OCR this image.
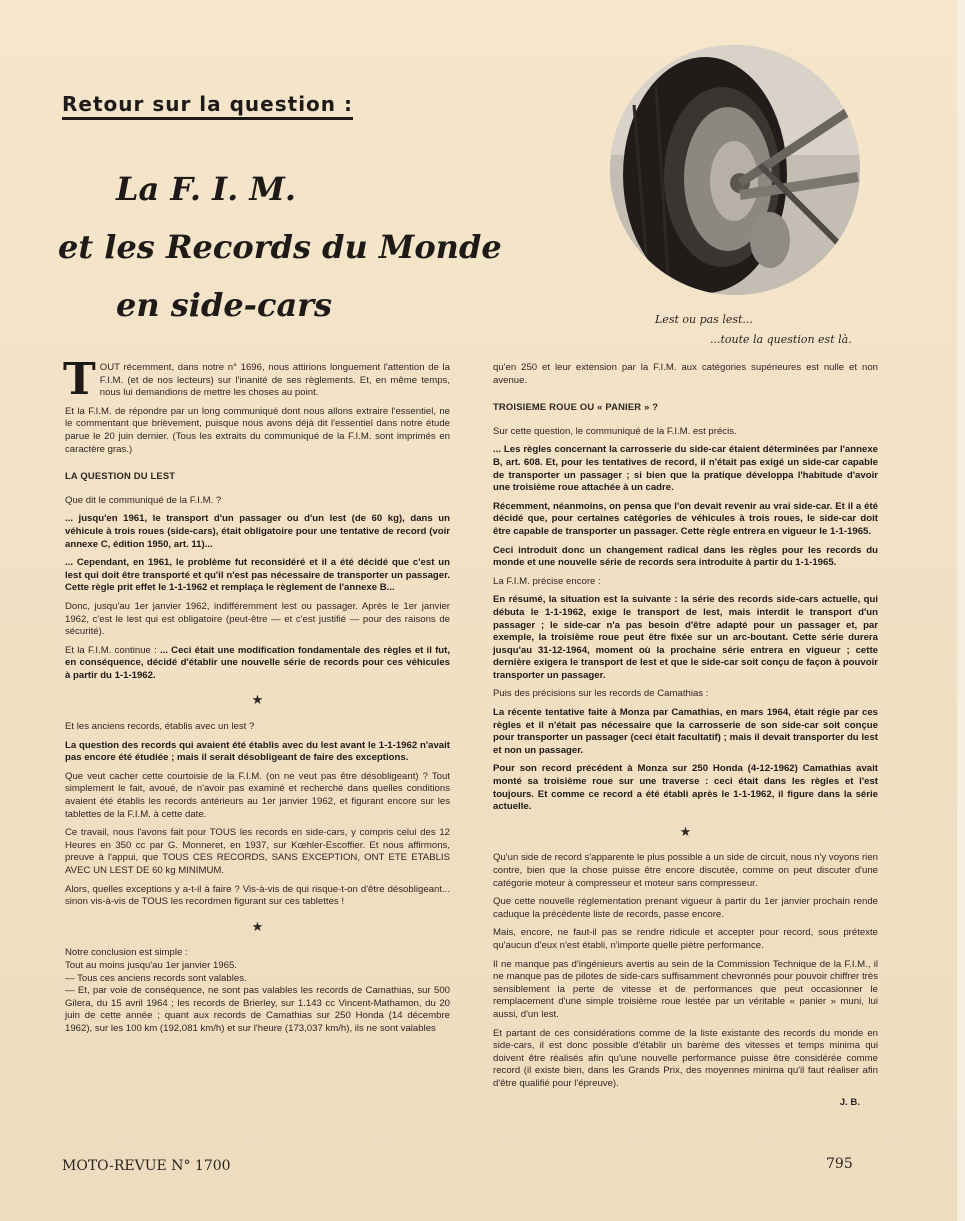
Retour sur la question :
La F. I. M.
et les Records du Monde
en side-cars	Lest ou pas lest...
...toute la question est là.

TOUT récemment, dans notre n° 1696, nous attirions longuement l'attention de la F.I.M. (et de nos lecteurs) sur l'inanité de ses règlements. Et, en même temps, nous lui demandions de mettre les choses au point.

Et la F.I.M. de répondre par un long communiqué dont nous allons extraire l'essentiel, ne le commentant que brièvement, puisque nous avons déjà dit l'essentiel dans notre étude parue le 20 juin dernier. (Tous les extraits du communiqué de la F.I.M. sont imprimés en caractère gras.)

LA QUESTION DU LEST

Que dit le communiqué de la F.I.M. ?

... jusqu'en 1961, le transport d'un passager ou d'un lest (de 60 kg), dans un véhicule à trois roues (side-cars), était obligatoire pour une tentative de record (voir annexe C, édition 1950, art. 11)...

... Cependant, en 1961, le problème fut reconsidéré et il a été décidé que c'est un lest qui doit être transporté et qu'il n'est pas nécessaire de transporter un passager. Cette règle prit effet le 1-1-1962 et remplaça le règlement de l'annexe B...

Donc, jusqu'au 1er janvier 1962, indifféremment lest ou passager. Après le 1er janvier 1962, c'est le lest qui est obligatoire (peut-être — et c'est justifié — pour des raisons de sécurité).

Et la F.I.M. continue : ... Ceci était une modification fondamentale des règles et il fut, en conséquence, décidé d'établir une nouvelle série de records pour ces véhicules à partir du 1-1-1962.

★

Et les anciens records, établis avec un lest ?

La question des records qui avaient été établis avec du lest avant le 1-1-1962 n'avait pas encore été étudiée ; mais il serait désobligeant de faire des exceptions.

Que veut cacher cette courtoisie de la F.I.M. (on ne veut pas être désobligeant) ? Tout simplement le fait, avoué, de n'avoir pas examiné et recherché dans quelles conditions avaient été établis les records antérieurs au 1er janvier 1962, et figurant encore sur les tablettes de la F.I.M. à cette date.

Ce travail, nous l'avons fait pour TOUS les records en side-cars, y compris celui des 12 Heures en 350 cc par G. Monneret, en 1937, sur Kœhler-Escoffier. Et nous affirmons, preuve à l'appui, que TOUS CES RECORDS, SANS EXCEPTION, ONT ETE ETABLIS AVEC UN LEST DE 60 kg MINIMUM.

Alors, quelles exceptions y a-t-il à faire ? Vis-à-vis de qui risque-t-on d'être désobligeant... sinon vis-à-vis de TOUS les recordmen figurant sur ces tablettes !

★

Notre conclusion est simple :

Tout au moins jusqu'au 1er janvier 1965.

— Tous ces anciens records sont valables.

— Et, par voie de conséquence, ne sont pas valables les records de Camathias, sur 500 Gilera, du 15 avril 1964 ; les records de Brierley, sur 1.143 cc Vincent-Mathamon, du 20 juin de cette année ; quant aux records de Camathias sur 250 Honda (14 décembre 1962), sur les 100 km (192,081 km/h) et sur l'heure (173,037 km/h), ils ne sont valables

qu'en 250 et leur extension par la F.I.M. aux catégories supérieures est nulle et non avenue.

TROISIEME ROUE OU « PANIER » ?

Sur cette question, le communiqué de la F.I.M. est précis.

... Les règles concernant la carrosserie du side-car étaient déterminées par l'annexe B, art. 608. Et, pour les tentatives de record, il n'était pas exigé un side-car capable de transporter un passager ; si bien que la pratique développa l'habitude d'avoir une troisième roue attachée à un cadre.

Récemment, néanmoins, on pensa que l'on devait revenir au vrai side-car. Et il a été décidé que, pour certaines catégories de véhicules à trois roues, le side-car doit être capable de transporter un passager. Cette règle entrera en vigueur le 1-1-1965.

Ceci introduit donc un changement radical dans les règles pour les records du monde et une nouvelle série de records sera introduite à partir du 1-1-1965.

La F.I.M. précise encore :

En résumé, la situation est la suivante : la série des records side-cars actuelle, qui débuta le 1-1-1962, exige le transport de lest, mais interdit le transport d'un passager ; le side-car n'a pas besoin d'être adapté pour un passager et, par exemple, la troisième roue peut être fixée sur un arc-boutant. Cette série durera jusqu'au 31-12-1964, moment où la prochaine série entrera en vigueur ; cette dernière exigera le transport de lest et que le side-car soit conçu de façon à pouvoir transporter un passager.

Puis des précisions sur les records de Camathias :

La récente tentative faite à Monza par Camathias, en mars 1964, était régie par ces règles et il n'était pas nécessaire que la carrosserie de son side-car soit conçue pour transporter un passager (ceci était facultatif) ; mais il devait transporter du lest et non un passager.

Pour son record précédent à Monza sur 250 Honda (4-12-1962) Camathias avait monté sa troisième roue sur une traverse : ceci était dans les règles et l'est toujours. Et comme ce record a été établi après le 1-1-1962, il figure dans la série actuelle.

★

Qu'un side de record s'apparente le plus possible à un side de circuit, nous n'y voyons rien contre, bien que la chose puisse être encore discutée, comme on peut discuter d'une catégorie moteur à compresseur et moteur sans compresseur.

Que cette nouvelle réglementation prenant vigueur à partir du 1er janvier prochain rende caduque la précédente liste de records, passe encore.

Mais, encore, ne faut-il pas se rendre ridicule et accepter pour record, sous prétexte qu'aucun d'eux n'est établi, n'importe quelle piètre performance.

Il ne manque pas d'ingénieurs avertis au sein de la Commission Technique de la F.I.M., il ne manque pas de pilotes de side-cars suffisamment chevronnés pour pouvoir chiffrer très sensiblement la perte de vitesse et de performances que peut occasionner le remplacement d'une simple troisième roue lestée par un véritable « panier » muni, lui aussi, d'un lest.

Et partant de ces considérations comme de la liste existante des records du monde en side-cars, il est donc possible d'établir un barème des vitesses et temps minima qui doivent être réalisés afin qu'une nouvelle performance puisse être considérée comme record (il existe bien, dans les Grands Prix, des moyennes minima qu'il faut réaliser afin d'être qualifié pour l'épreuve).

J. B.
MOTO-REVUE N° 1700	795
